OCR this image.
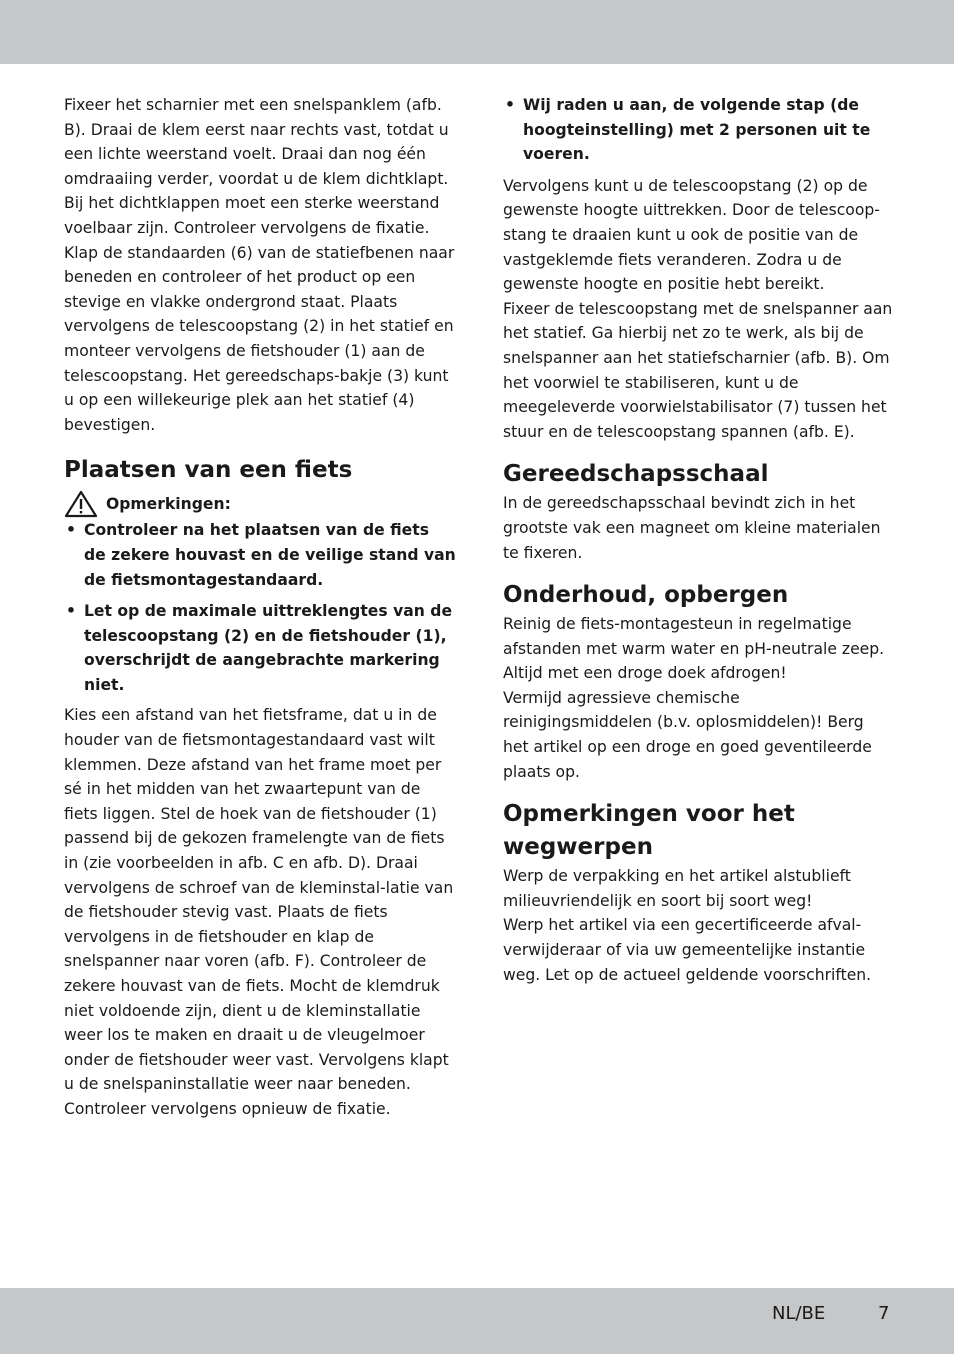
Fixeer het scharnier met een snelspanklem (afb. B). Draai de klem eerst naar rechts vast, totdat u een lichte weerstand voelt. Draai dan nog één omdraaiing verder, voordat u de klem dichtklapt. Bij het dichtklappen moet een sterke weerstand voelbaar zijn. Controleer vervolgens de fixatie. Klap de standaarden (6) van de statiefbenen naar beneden en controleer of het product op een stevige en vlakke ondergrond staat. Plaats vervolgens de telescoopstang (2) in het statief en monteer vervolgens de fietshouder (1) aan de telescoopstang. Het gereedschaps-bakje (3) kunt u op een willekeurige plek aan het statief (4) bevestigen.

Plaatsen van een fiets
Opmerkingen:
• Controleer na het plaatsen van de fiets de zekere houvast en de veilige stand van de fietsmontagestandaard.
• Let op de maximale uittreklengtes van de telescoopstang (2) en de fietshouder (1), overschrijdt de aangebrachte markering niet.

Kies een afstand van het fietsframe, dat u in de houder van de fietsmontagestandaard vast wilt klemmen. Deze afstand van het frame moet per sé in het midden van het zwaartepunt van de fiets liggen. Stel de hoek van de fietshouder (1) passend bij de gekozen framelengte van de fiets in (zie voorbeelden in afb. C en afb. D). Draai vervolgens de schroef van de kleminstal-latie van de fietshouder stevig vast. Plaats de fiets vervolgens in de fietshouder en klap de snelspanner naar voren (afb. F). Controleer de zekere houvast van de fiets. Mocht de klemdruk niet voldoende zijn, dient u de kleminstallatie weer los te maken en draait u de vleugelmoer onder de fietshouder weer vast. Vervolgens klapt u de snelspaninstallatie weer naar beneden. Controleer vervolgens opnieuw de fixatie.

• Wij raden u aan, de volgende stap (de hoogteinstelling) met 2 personen uit te voeren.

Vervolgens kunt u de telescoopstang (2) op de gewenste hoogte uittrekken. Door de telescoop-stang te draaien kunt u ook de positie van de vastgeklemde fiets veranderen. Zodra u de gewenste hoogte en positie hebt bereikt.

Fixeer de telescoopstang met de snelspanner aan het statief. Ga hierbij net zo te werk, als bij de snelspanner aan het statiefscharnier (afb. B). Om het voorwiel te stabiliseren, kunt u de meegeleverde voorwielstabilisator (7) tussen het stuur en de telescoopstang spannen (afb. E).

Gereedschapsschaal

In de gereedschapsschaal bevindt zich in het grootste vak een magneet om kleine materialen te fixeren.

Onderhoud, opbergen

Reinig de fiets-montagesteun in regelmatige afstanden met warm water en pH-neutrale zeep. Altijd met een droge doek afdrogen!

Vermijd agressieve chemische reinigingsmiddelen (b.v. oplosmiddelen)! Berg het artikel op een droge en goed geventileerde plaats op.

Opmerkingen voor het wegwerpen

Werp de verpakking en het artikel alstublieft milieuvriendelijk en soort bij soort weg!

Werp het artikel via een gecertificeerde afval-verwijderaar of via uw gemeentelijke instantie weg. Let op de actueel geldende voorschriften.

NL/BE	7
